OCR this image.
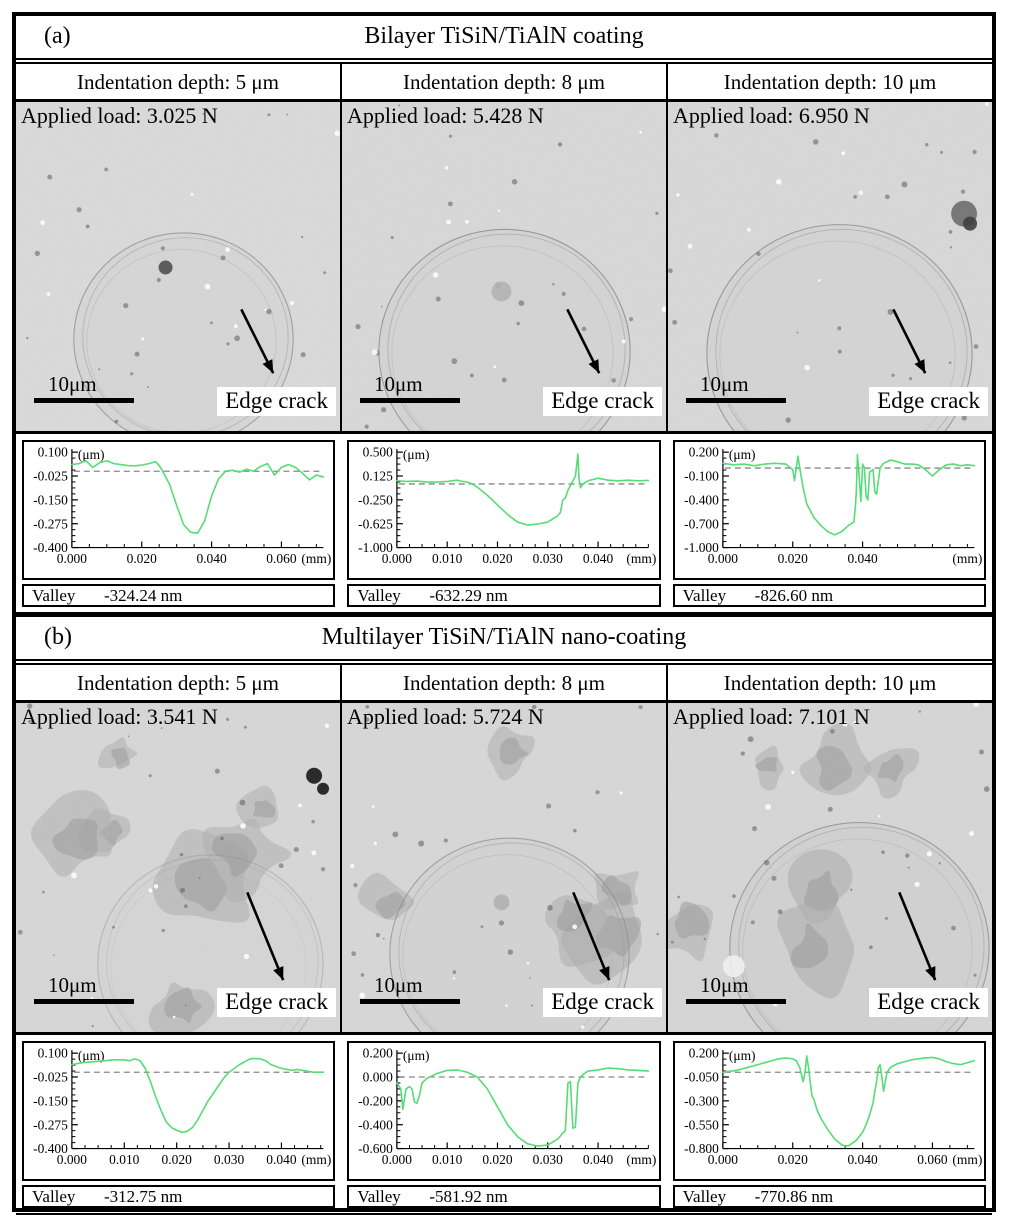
(a)	Bilayer TiSiN/TiAlN coating
Indentation depth: 5 μm	Indentation depth: 8 μm	Indentation depth: 10 μm
Applied load: 3.025 N
10μm
Edge crack
Applied load: 5.428 N
10μm
Edge crack
Applied load: 6.950 N
10μm
Edge crack
0.100
-0.025
-0.150
-0.275
-0.400
0.000	0.020	0.040	0.060
(μm)
(mm)
Valley	-324.24 nm
0.500
0.125
-0.250
-0.625
-1.000
0.000 0.010 0.020 0.030 0.040
(μm)
(mm)
Valley	-632.29 nm
0.200
-0.100
-0.400
-0.700
-1.000
0.000	0.020	0.040
(μm)
(mm)
Valley	-826.60 nm
(b)	Multilayer TiSiN/TiAlN nano-coating
Indentation depth: 5 μm	Indentation depth: 8 μm	Indentation depth: 10 μm
Applied load: 3.541 N
10μm
Edge crack
Applied load: 5.724 N
10μm
Edge crack
Applied load: 7.101 N
10μm
Edge crack
0.100
-0.025
-0.150
-0.275
-0.400
0.000 0.010 0.020 0.030 0.040
(μm)
(mm)
Valley	-312.75 nm
0.200
0.000
-0.200
-0.400
-0.600
0.000 0.010 0.020 0.030 0.040
(μm)
(mm)
Valley	-581.92 nm
0.200
-0.050
-0.300
-0.550
-0.800
0.000	0.020	0.040	0.060
(μm)
(mm)
Valley	-770.86 nm
